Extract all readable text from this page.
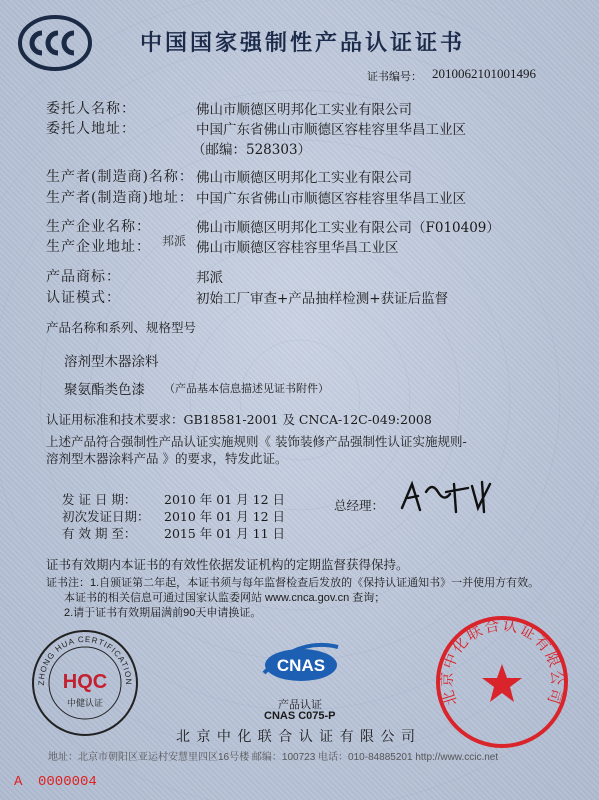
中国国家强制性产品认证证书
证书编号： 2010062101001496
委托人名称：	佛山市顺德区明邦化工实业有限公司
委托人地址：	中国广东省佛山市顺德区容桂容里华昌工业区
（邮编：528303）
生产者(制造商)名称： 佛山市顺德区明邦化工实业有限公司
生产者(制造商)地址： 中国广东省佛山市顺德区容桂容里华昌工业区
生产企业名称：	佛山市顺德区明邦化工实业有限公司（F010409）
生产企业地址： 邦派 佛山市顺德区容桂容里华昌工业区
产品商标：	邦派
认证模式：	初始工厂审查+产品抽样检测+获证后监督
产品名称和系列、规格型号
溶剂型木器涂料
聚氨酯类色漆 （产品基本信息描述见证书附件）
认证用标准和技术要求：GB18581-2001 及 CNCA-12C-049:2008
上述产品符合强制性产品认证实施规则《 装饰装修产品强制性认证实施规则-
溶剂型木器涂料产品 》的要求，特发此证。
发 证 日 期： 2010 年 01 月 12 日
初次发证日期： 2010 年 01 月 12 日
有 效 期 至： 2015 年 01 月 11 日
总经理：
证书有效期内本证书的有效性依据发证机构的定期监督获得保持。
证书注：1.自颁证第二年起，本证书须与每年监督检查后发放的《保持认证通知书》一并使用方有效。
本证书的相关信息可通过国家认监委网站 www.cnca.gov.cn 查询；
2.请于证书有效期届满前90天申请换证。
ZHONG HUA CERTIFICATION
HQC
中健认证
CNAS
产品认证
CNAS C075-P
北京中化联合认证有限公司
北 京 中 化 联 合 认 证 有 限 公 司
地址：北京市朝阳区亚运村安慧里四区16号楼 邮编：100723 电话：010-84885201 http://www.ccic.net
A 0000004
